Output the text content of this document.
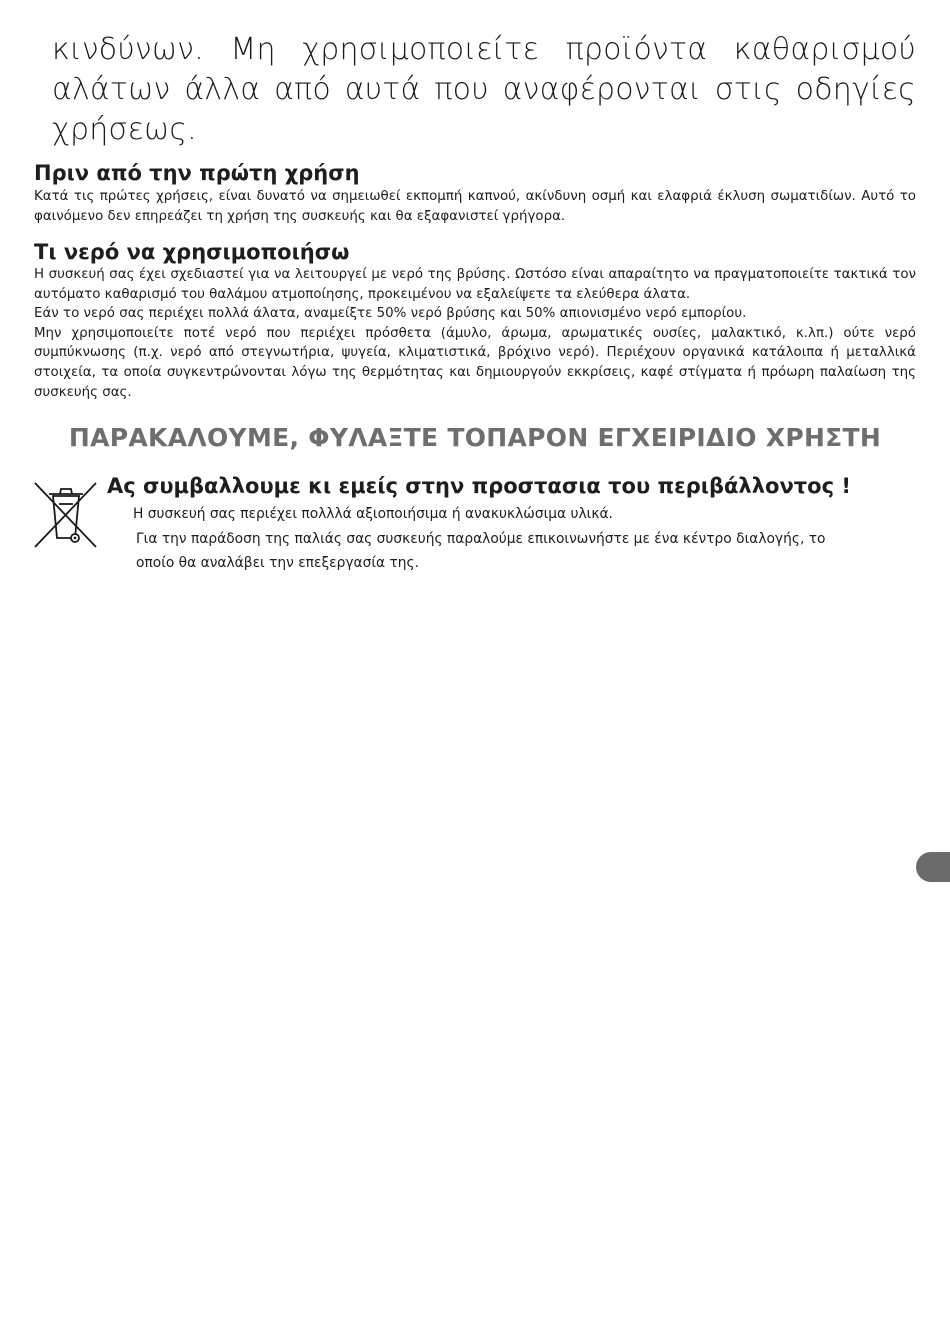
κινδύνων. Μη χρησιμοποιείτε προϊόντα καθαρισμού αλάτων άλλα από αυτά που αναφέρονται στις οδηγίες χρήσεως.
Πριν από την πρώτη χρήση

Κατά τις πρώτες χρήσεις, είναι δυνατό να σημειωθεί εκπομπή καπνού, ακίνδυνη οσμή και ελαφριά έκλυση σωματιδίων. Αυτό το φαινόμενο δεν επηρεάζει τη χρήση της συσκευής και θα εξαφανιστεί γρήγορα.

Τι νερό να χρησιμοποιήσω

Η συσκευή σας έχει σχεδιαστεί για να λειτουργεί με νερό της βρύσης. Ωστόσο είναι απαραίτητο να πραγματοποιείτε τακτικά τον αυτόματο καθαρισμό του θαλάμου ατμοποίησης, προκειμένου να εξαλείψετε τα ελεύθερα άλατα.

Εάν το νερό σας περιέχει πολλά άλατα, αναμείξτε 50% νερό βρύσης και 50% απιονισμένο νερό εμπορίου.

Μην χρησιμοποιείτε ποτέ νερό που περιέχει πρόσθετα (άμυλο, άρωμα, αρωματικές ουσίες, μαλακτικό, κ.λπ.) ούτε νερό συμπύκνωσης (π.χ. νερό από στεγνωτήρια, ψυγεία, κλιματιστικά, βρόχινο νερό). Περιέχουν οργανικά κατάλοιπα ή μεταλλικά στοιχεία, τα οποία συγκεντρώνονται λόγω της θερμότητας και δημιουργούν εκκρίσεις, καφέ στίγματα ή πρόωρη παλαίωση της συσκευής σας.

ΠΑΡΑΚΑΛΟΥΜΕ, ΦΥΛΑΞΤΕ ΤΟΠΑΡΟΝ ΕΓΧΕΙΡΙΔΙΟ ΧΡΗΣΤΗ
Ας συμβαλλουμε κι εμείς στην προστασια του περιβάλλοντος !
Η συσκευή σας περιέχει πολλλά αξιοποιήσιμα ή ανακυκλώσιμα υλικά.
Για την παράδοση της παλιάς σας συσκευής παραλούμε επικοινωνήστε με ένα κέντρο διαλογής, το
οποίο θα αναλάβει την επεξεργασία της.
